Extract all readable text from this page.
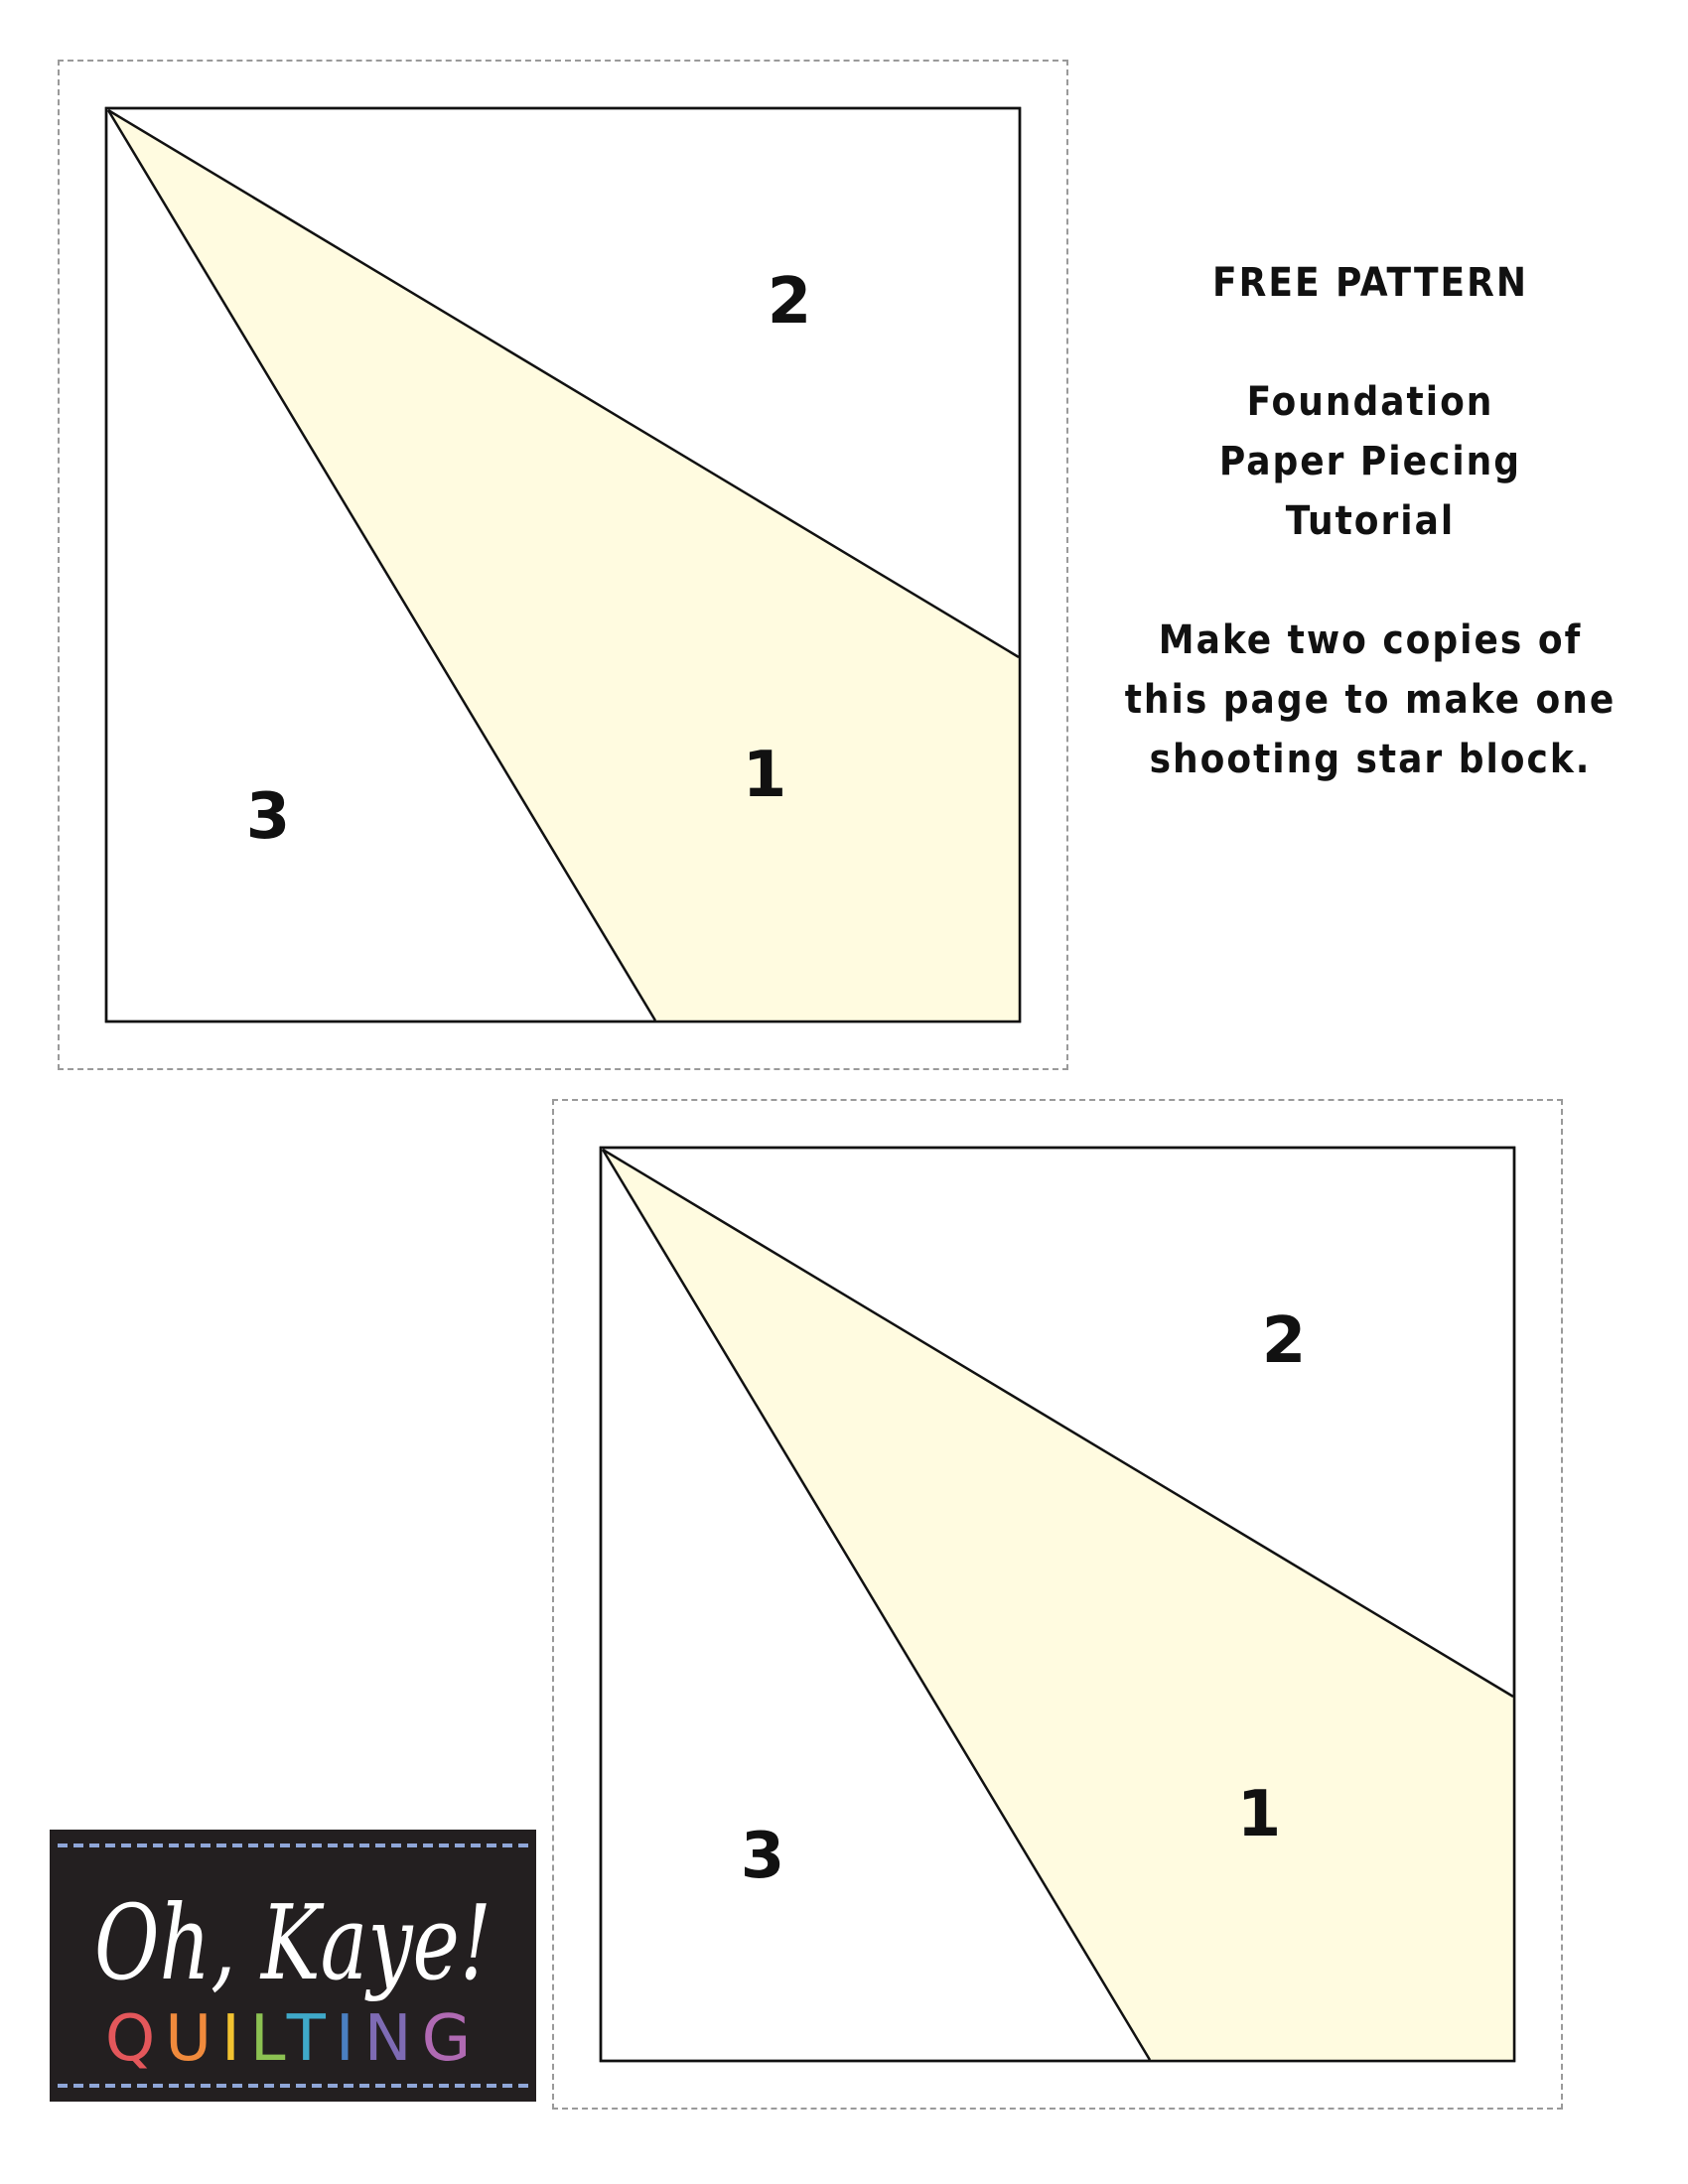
2
1
3
2
1
3

FREE PATTERN

Foundation

Paper Piecing

Tutorial

Make two copies of

this page to make one

shooting star block.

Oh, Kaye!
QUILTING
